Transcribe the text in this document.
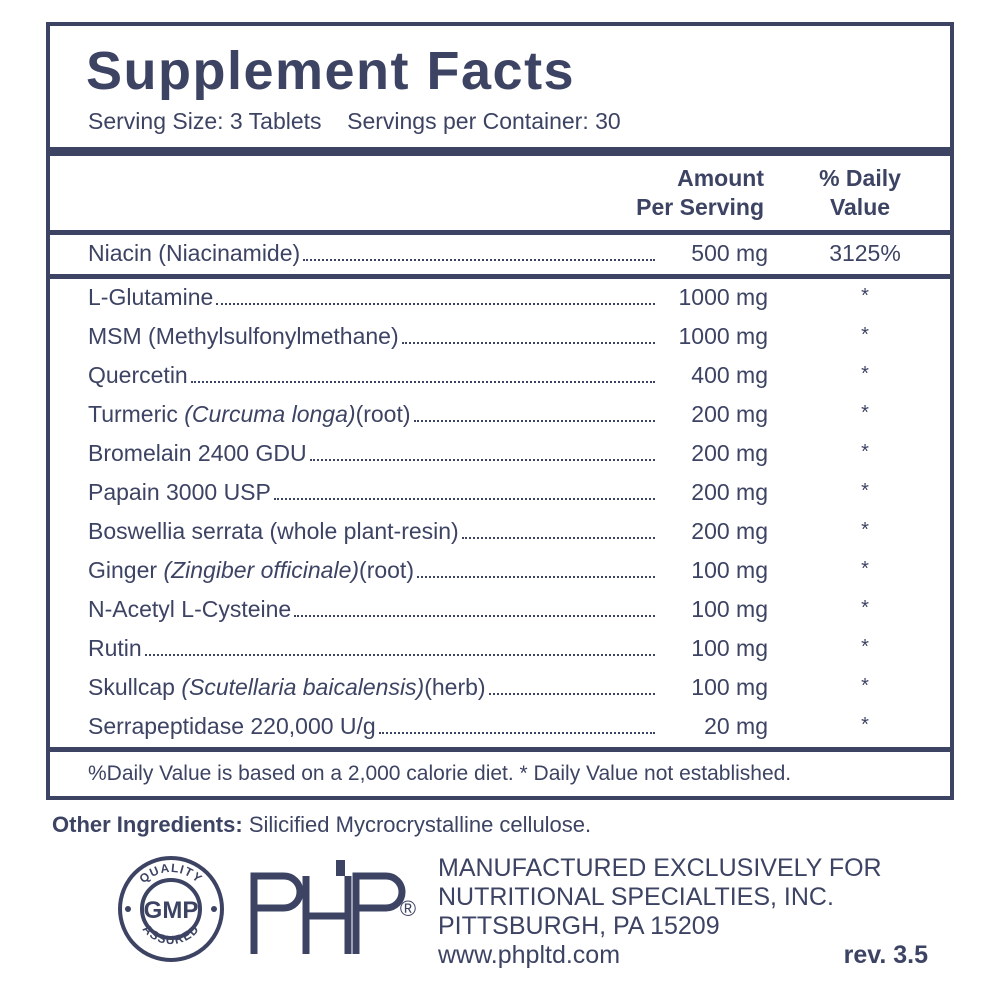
Supplement Facts
Serving Size: 3 Tablets Servings per Container: 30
Amount
Per Serving
% Daily
Value
Niacin (Niacinamide)	500 mg	3125%
L-Glutamine	1000 mg	*
MSM (Methylsulfonylmethane)	1000 mg	*
Quercetin	400 mg	*
Turmeric (Curcuma longa)(root)	200 mg	*
Bromelain 2400 GDU	200 mg	*
Papain 3000 USP	200 mg	*
Boswellia serrata (whole plant-resin)	200 mg	*
Ginger (Zingiber officinale)(root)	100 mg	*
N-Acetyl L-Cysteine	100 mg	*
Rutin	100 mg	*
Skullcap (Scutellaria baicalensis)(herb)	100 mg	*
Serrapeptidase 220,000 U/g	20 mg	*
%Daily Value is based on a 2,000 calorie diet. * Daily Value not established.
Other Ingredients: Silicified Mycrocrystalline cellulose.
QUALITY
ASSURED
GMP	®
MANUFACTURED EXCLUSIVELY FOR
NUTRITIONAL SPECIALTIES, INC.
PITTSBURGH, PA 15209
www.phpltd.com	rev. 3.5
